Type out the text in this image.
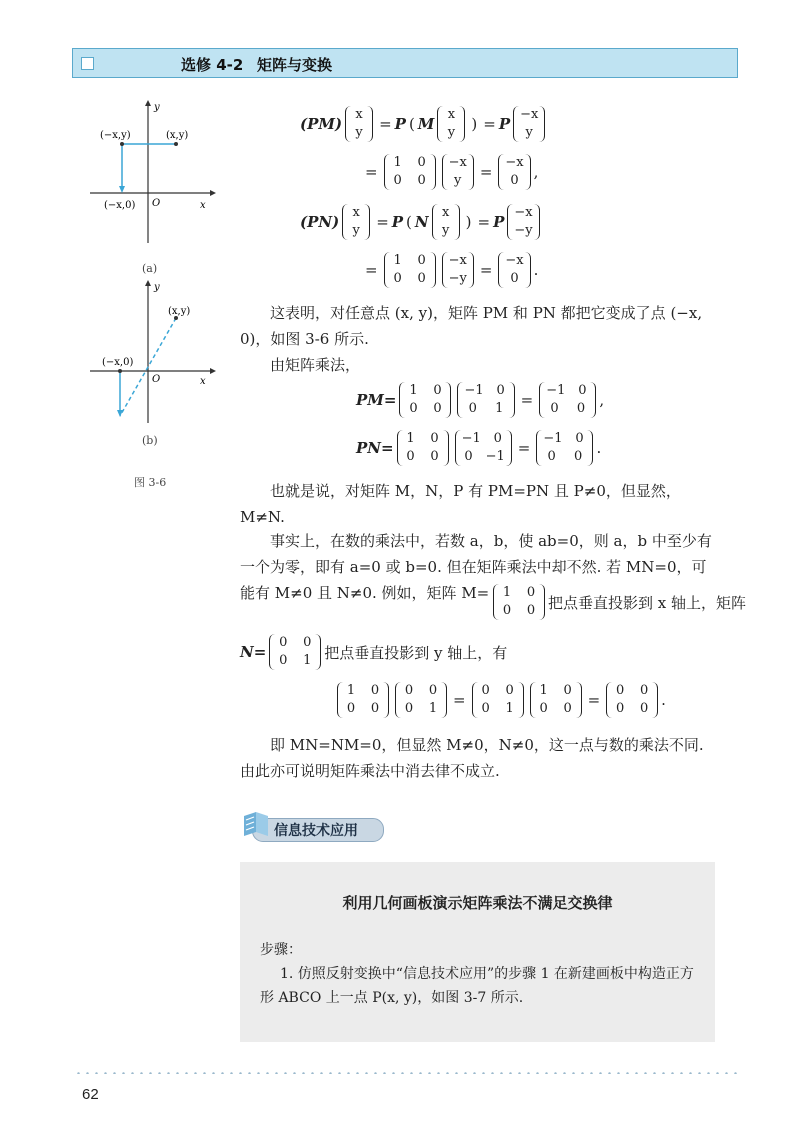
选修 4-2 矩阵与变换
y
x
(x,y)
(−x,y)
(−x,0) O
(a)
y
x
(x,y)
(−x,0)
O
(b)
图 3-6
(PM)
x
y = P ( M
x
y ) = P
−x
y
=
1 0
0 0
−x
y =
−x
0 ,
(PN)
x
y = P ( N
x
y ) = P
−x
−y
=
1 0
0 0
−x
−y =
−x
0 .

这表明，对任意点 (x, y)，矩阵 PM 和 PN 都把它变成了点 (−x, 0)，如图 3-6 所示.

由矩阵乘法，

PM=
1 0
0 0
−1 0
0 1 =
−1 0
0 0 ,
PN=
1 0
0 0
−1 0
0 −1 =
−1 0
0 0 .

也就是说，对矩阵 M，N，P 有 PM=PN 且 P≠0，但显然，M≠N.

事实上，在数的乘法中，若数 a，b，使 ab=0，则 a，b 中至少有一个为零，即有 a=0 或 b=0. 但在矩阵乘法中却不然. 若 MN=0，可能有 M≠0 且 N≠0. 例如，矩阵 M=	1 0
0 0 把点垂直投影到 x 轴上，矩阵
N=
0 0
0 1 把点垂直投影到 y 轴上，有
1 0
0 0
0 0
0 1 =
0 0
0 1
1 0
0 0 =
0 0
0 0 .

即 MN=NM=0，但显然 M≠0，N≠0，这一点与数的乘法不同. 由此亦可说明矩阵乘法中消去律不成立.

信息技术应用
利用几何画板演示矩阵乘法不满足交换律

步骤：

1. 仿照反射变换中“信息技术应用”的步骤 1 在新建画板中构造正方形 ABCO 上一点 P(x, y)，如图 3-7 所示.

62
